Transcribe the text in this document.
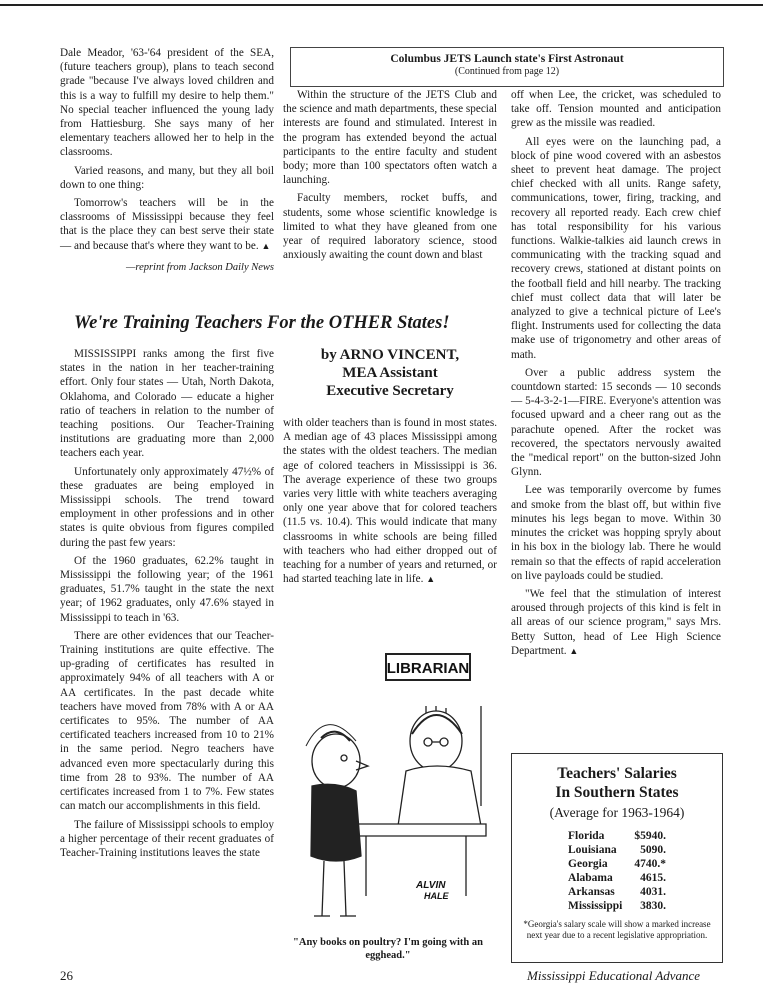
Dale Meador, '63-'64 president of the SEA, (future teachers group), plans to teach second grade "because I've always loved children and this is a way to fulfill my desire to help them." No special teacher influenced the young lady from Hattiesburg. She says many of her elementary teachers allowed her to help in the classrooms.

Varied reasons, and many, but they all boil down to one thing:

Tomorrow's teachers will be in the classrooms of Mississippi because they feel that is the place they can best serve their state — and because that's where they want to be. ▲

—reprint from Jackson Daily News
Columbus JETS Launch state's First Astronaut
(Continued from page 12)

Within the structure of the JETS Club and the science and math departments, these special interests are found and stimulated. Interest in the program has extended beyond the actual participants to the entire faculty and student body; more than 100 spectators often watch a launching.

Faculty members, rocket buffs, and students, some whose scientific knowledge is limited to what they have gleaned from one year of required laboratory science, stood anxiously awaiting the count down and blast

off when Lee, the cricket, was scheduled to take off. Tension mounted and anticipation grew as the missile was readied.

All eyes were on the launching pad, a block of pine wood covered with an asbestos sheet to prevent heat damage. The project chief checked with all units. Range safety, communications, tower, firing, tracking, and recovery all reported ready. Each crew chief has total responsibility for his various functions. Walkie-talkies aid launch crews in communicating with the tracking squad and recovery crews, stationed at distant points on the football field and hill nearby. The tracking chief must collect data that will later be analyzed to give a technical picture of Lee's flight. Instruments used for collecting the data make use of trigonometry and other areas of math.

Over a public address system the countdown started: 15 seconds — 10 seconds — 5-4-3-2-1—FIRE. Everyone's attention was focused upward and a cheer rang out as the parachute opened. After the rocket was recovered, the spectators nervously awaited the "medical report" on the button-sized John Glynn.

Lee was temporarily overcome by fumes and smoke from the blast off, but within five minutes his legs began to move. Within 30 minutes the cricket was hopping spryly about in his box in the biology lab. There he would remain so that the effects of rapid acceleration on live payloads could be studied.

"We feel that the stimulation of interest aroused through projects of this kind is felt in all areas of our science program," says Mrs. Betty Sutton, head of Lee High Science Department. ▲

We're Training Teachers For the OTHER States!
by ARNO VINCENT,
MEA Assistant
Executive Secretary

MISSISSIPPI ranks among the first five states in the nation in her teacher-training effort. Only four states — Utah, North Dakota, Oklahoma, and Colorado — educate a higher ratio of teachers in relation to the number of teaching positions. Our Teacher-Training institutions are graduating more than 2,000 teachers each year.

Unfortunately only approximately 47½% of these graduates are being employed in Mississippi schools. The trend toward employment in other professions and in other states is quite obvious from figures compiled during the past few years:

Of the 1960 graduates, 62.2% taught in Mississippi the following year; of the 1961 graduates, 51.7% taught in the state the next year; of 1962 graduates, only 47.6% stayed in Mississippi to teach in '63.

There are other evidences that our Teacher-Training institutions are quite effective. The up-grading of certificates has resulted in approximately 94% of all teachers with A or AA certificates. In the past decade white teachers have moved from 78% with A or AA certificates to 95%. The number of AA certificated teachers increased from 10 to 21% in the same period. Negro teachers have advanced even more spectacularly during this time from 28 to 93%. The number of AA certificates increased from 1 to 7%. Few states can match our accomplishments in this field.

The failure of Mississippi schools to employ a higher percentage of their recent graduates of Teacher-Training institutions leaves the state

with older teachers than is found in most states. A median age of 43 places Mississippi among the states with the oldest teachers. The median age of colored teachers in Mississippi is 36. The average experience of these two groups varies very little with white teachers averaging only one year above that for colored teachers (11.5 vs. 10.4). This would indicate that many classrooms in white schools are being filled with teachers who had either dropped out of teaching for a number of years and returned, or had started teaching late in life. ▲

LIBRARIAN
ALVIN
HALE
"Any books on poultry? I'm going with an egghead."
Teachers' Salaries
In Southern States
(Average for 1963-1964)
Florida	$5940.
Louisiana	5090.
Georgia	4740.*
Alabama	4615.
Arkansas	4031.
Mississippi	3830.
*Georgia's salary scale will show a marked increase next year due to a recent legislative appropriation.
26	Mississippi Educational Advance
